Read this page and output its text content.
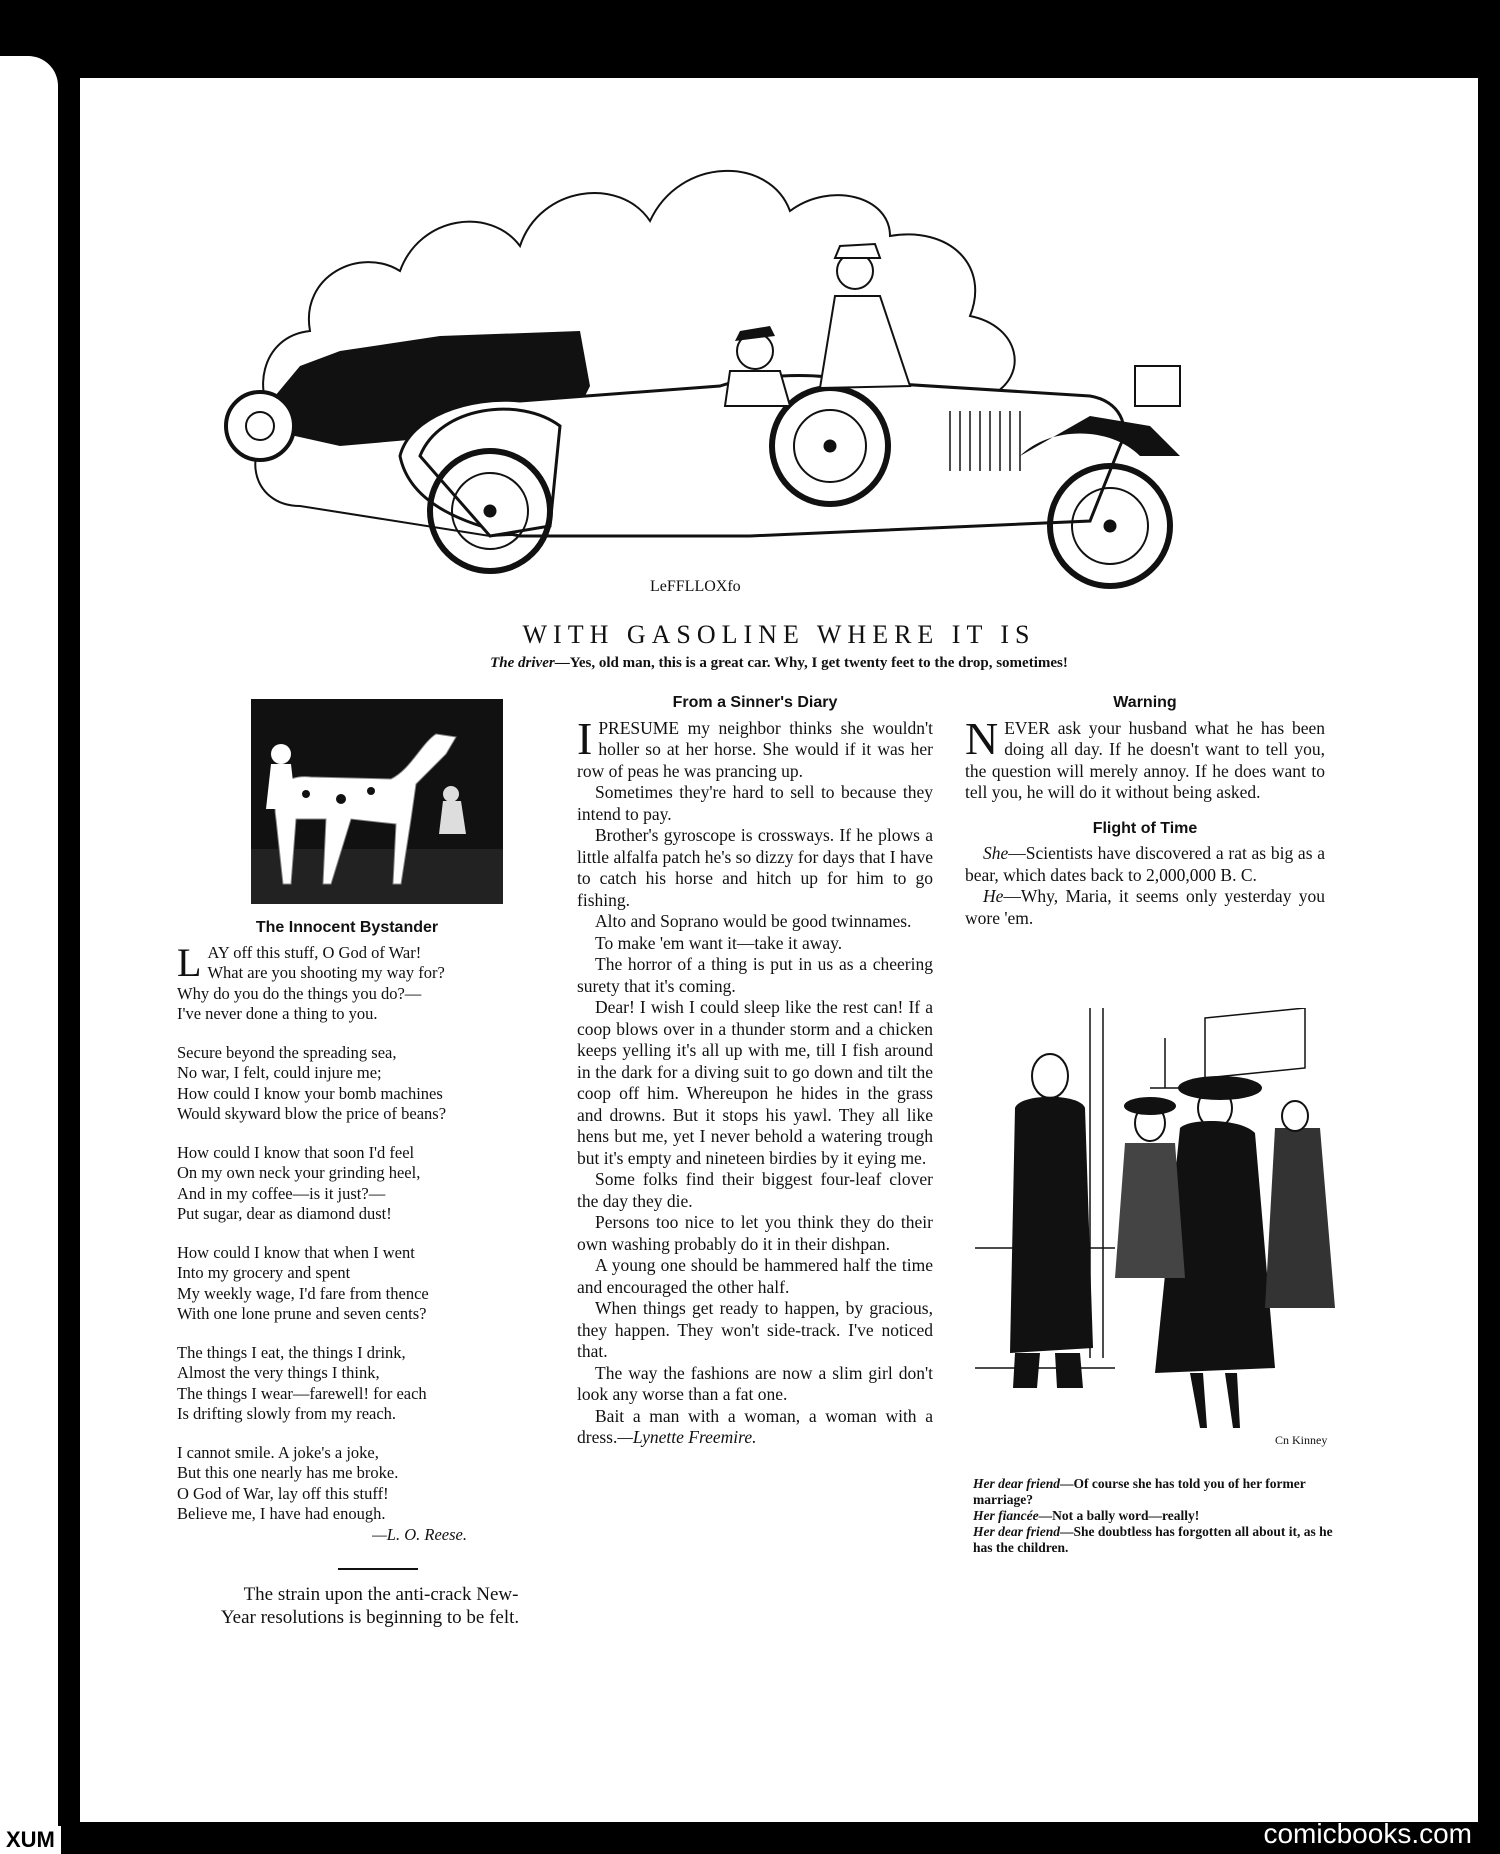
LeFFLLOXfo
WITH GASOLINE WHERE IT IS
The driver—Yes, old man, this is a great car. Why, I get twenty feet to the drop, sometimes!
The Innocent Bystander
L AY off this stuff, O God of War!
What are you shooting my way for?
Why do you do the things you do?—
I've never done a thing to you.
Secure beyond the spreading sea,
No war, I felt, could injure me;
How could I know your bomb machines
Would skyward blow the price of beans?
How could I know that soon I'd feel
On my own neck your grinding heel,
And in my coffee—is it just?—
Put sugar, dear as diamond dust!
How could I know that when I went
Into my grocery and spent
My weekly wage, I'd fare from thence
With one lone prune and seven cents?
The things I eat, the things I drink,
Almost the very things I think,
The things I wear—farewell! for each
Is drifting slowly from my reach.
I cannot smile. A joke's a joke,
But this one nearly has me broke.
O God of War, lay off this stuff!
Believe me, I have had enough.
—L. O. Reese.
The strain upon the anti-crack New-
Year resolutions is beginning to be felt.
From a Sinner's Diary

IPRESUME my neighbor thinks she wouldn't holler so at her horse. She would if it was her row of peas he was prancing up.

Sometimes they're hard to sell to because they intend to pay.

Brother's gyroscope is crossways. If he plows a little alfalfa patch he's so dizzy for days that I have to catch his horse and hitch up for him to go fishing.

Alto and Soprano would be good twinnames.

To make 'em want it—take it away.

The horror of a thing is put in us as a cheering surety that it's coming.

Dear! I wish I could sleep like the rest can! If a coop blows over in a thunder storm and a chicken keeps yelling it's all up with me, till I fish around in the dark for a diving suit to go down and tilt the coop off him. Whereupon he hides in the grass and drowns. But it stops his yawl. They all like hens but me, yet I never behold a watering trough but it's empty and nineteen birdies by it eying me.

Some folks find their biggest four-leaf clover the day they die.

Persons too nice to let you think they do their own washing probably do it in their dishpan.

A young one should be hammered half the time and encouraged the other half.

When things get ready to happen, by gracious, they happen. They won't side-track. I've noticed that.

The way the fashions are now a slim girl don't look any worse than a fat one.

Bait a man with a woman, a woman with a dress.—Lynette Freemire.

Warning

NEVER ask your husband what he has been doing all day. If he doesn't want to tell you, the question will merely annoy. If he does want to tell you, he will do it without being asked.

Flight of Time

She—Scientists have discovered a rat as big as a bear, which dates back to 2,000,000 B. C.

He—Why, Maria, it seems only yesterday you wore 'em.

Cn Kinney
Her dear friend—Of course she has told you of her former marriage?
Her fiancée—Not a bally word—really!
Her dear friend—She doubtless has forgotten all about it, as he has the children.
comicbooks.com
XUM
